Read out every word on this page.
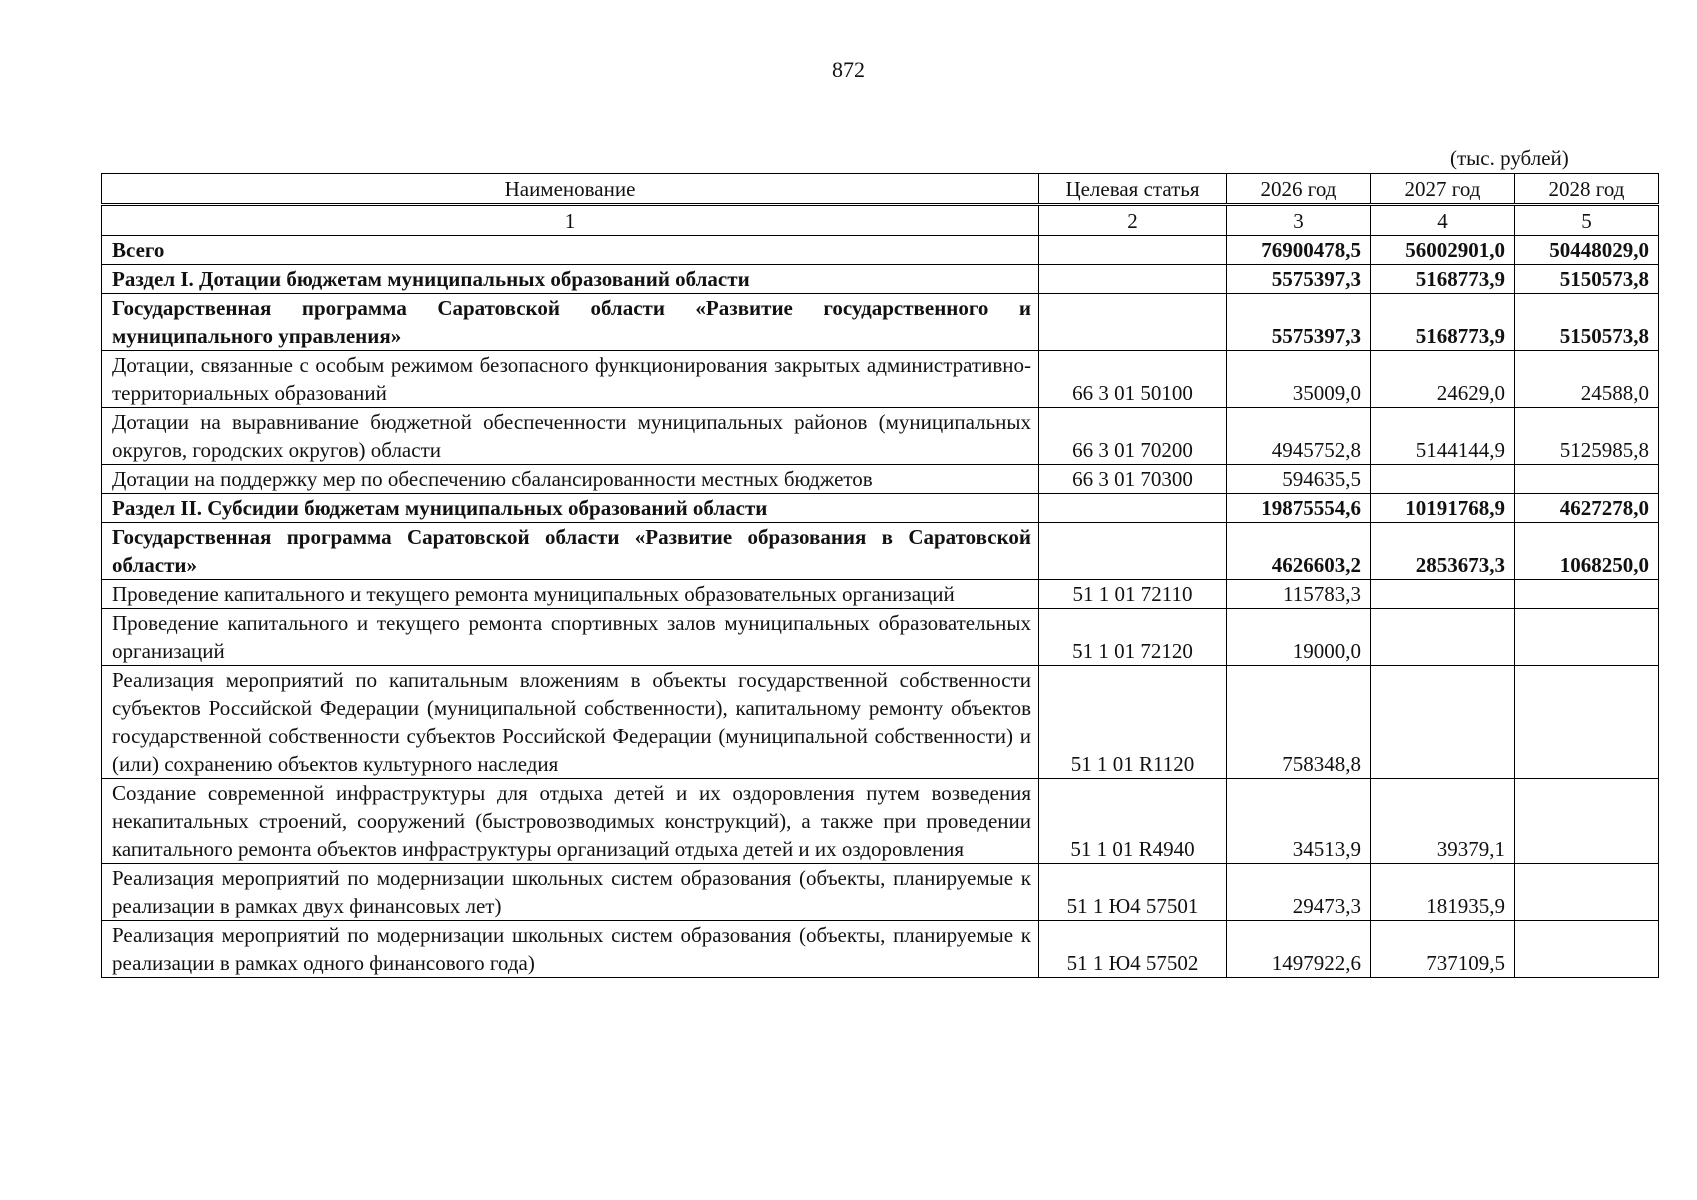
872
(тыс. рублей)
Наименование	Целевая статья	2026 год	2027 год	2028 год
1	2	3	4	5
Всего		76900478,5	56002901,0	50448029,0
Раздел I. Дотации бюджетам муниципальных образований области		5575397,3	5168773,9	5150573,8
Государственная программа Саратовской области «Развитие государственного и муниципального управления»		5575397,3	5168773,9	5150573,8
Дотации, связанные с особым режимом безопасного функционирования закрытых административно-территориальных образований	66 3 01 50100	35009,0	24629,0	24588,0
Дотации на выравнивание бюджетной обеспеченности муниципальных районов (муниципальных округов, городских округов) области	66 3 01 70200	4945752,8	5144144,9	5125985,8
Дотации на поддержку мер по обеспечению сбалансированности местных бюджетов	66 3 01 70300	594635,5		
Раздел II. Субсидии бюджетам муниципальных образований области		19875554,6	10191768,9	4627278,0
Государственная программа Саратовской области «Развитие образования в Саратовской области»		4626603,2	2853673,3	1068250,0
Проведение капитального и текущего ремонта муниципальных образовательных организаций	51 1 01 72110	115783,3		
Проведение капитального и текущего ремонта спортивных залов муниципальных образовательных организаций	51 1 01 72120	19000,0		
Реализация мероприятий по капитальным вложениям в объекты государственной собственности субъектов Российской Федерации (муниципальной собственности), капитальному ремонту объектов государственной собственности субъектов Российской Федерации (муниципальной собственности) и (или) сохранению объектов культурного наследия	51 1 01 R1120	758348,8		
Создание современной инфраструктуры для отдыха детей и их оздоровления путем возведения некапитальных строений, сооружений (быстровозводимых конструкций), а также при проведении капитального ремонта объектов инфраструктуры организаций отдыха детей и их оздоровления	51 1 01 R4940	34513,9	39379,1	
Реализация мероприятий по модернизации школьных систем образования (объекты, планируемые к реализации в рамках двух финансовых лет)	51 1 Ю4 57501	29473,3	181935,9	
Реализация мероприятий по модернизации школьных систем образования (объекты, планируемые к реализации в рамках одного финансового года)	51 1 Ю4 57502	1497922,6	737109,5	
